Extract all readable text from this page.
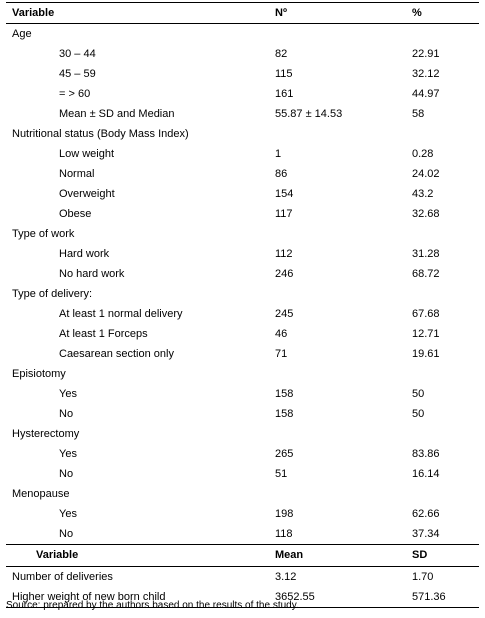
Variable	Nº	%
Age
30 – 44	82	22.91
45 – 59	115	32.12
= > 60	161	44.97
Mean ± SD and Median	55.87 ± 14.53	58
Nutritional status (Body Mass Index)
Low weight	1	0.28
Normal	86	24.02
Overweight	154	43.2
Obese	117	32.68
Type of work
Hard work	112	31.28
No hard work	246	68.72
Type of delivery:
At least 1 normal delivery	245	67.68
At least 1 Forceps	46	12.71
Caesarean section only	71	19.61
Episiotomy
Yes	158	50
No	158	50
Hysterectomy
Yes	265	83.86
No	51	16.14
Menopause
Yes	198	62.66
No	118	37.34
Variable	Mean	SD
Number of deliveries	3.12	1.70
Higher weight of new born child	3652.55	571.36
Source: prepared by the authors based on the results of the study.
